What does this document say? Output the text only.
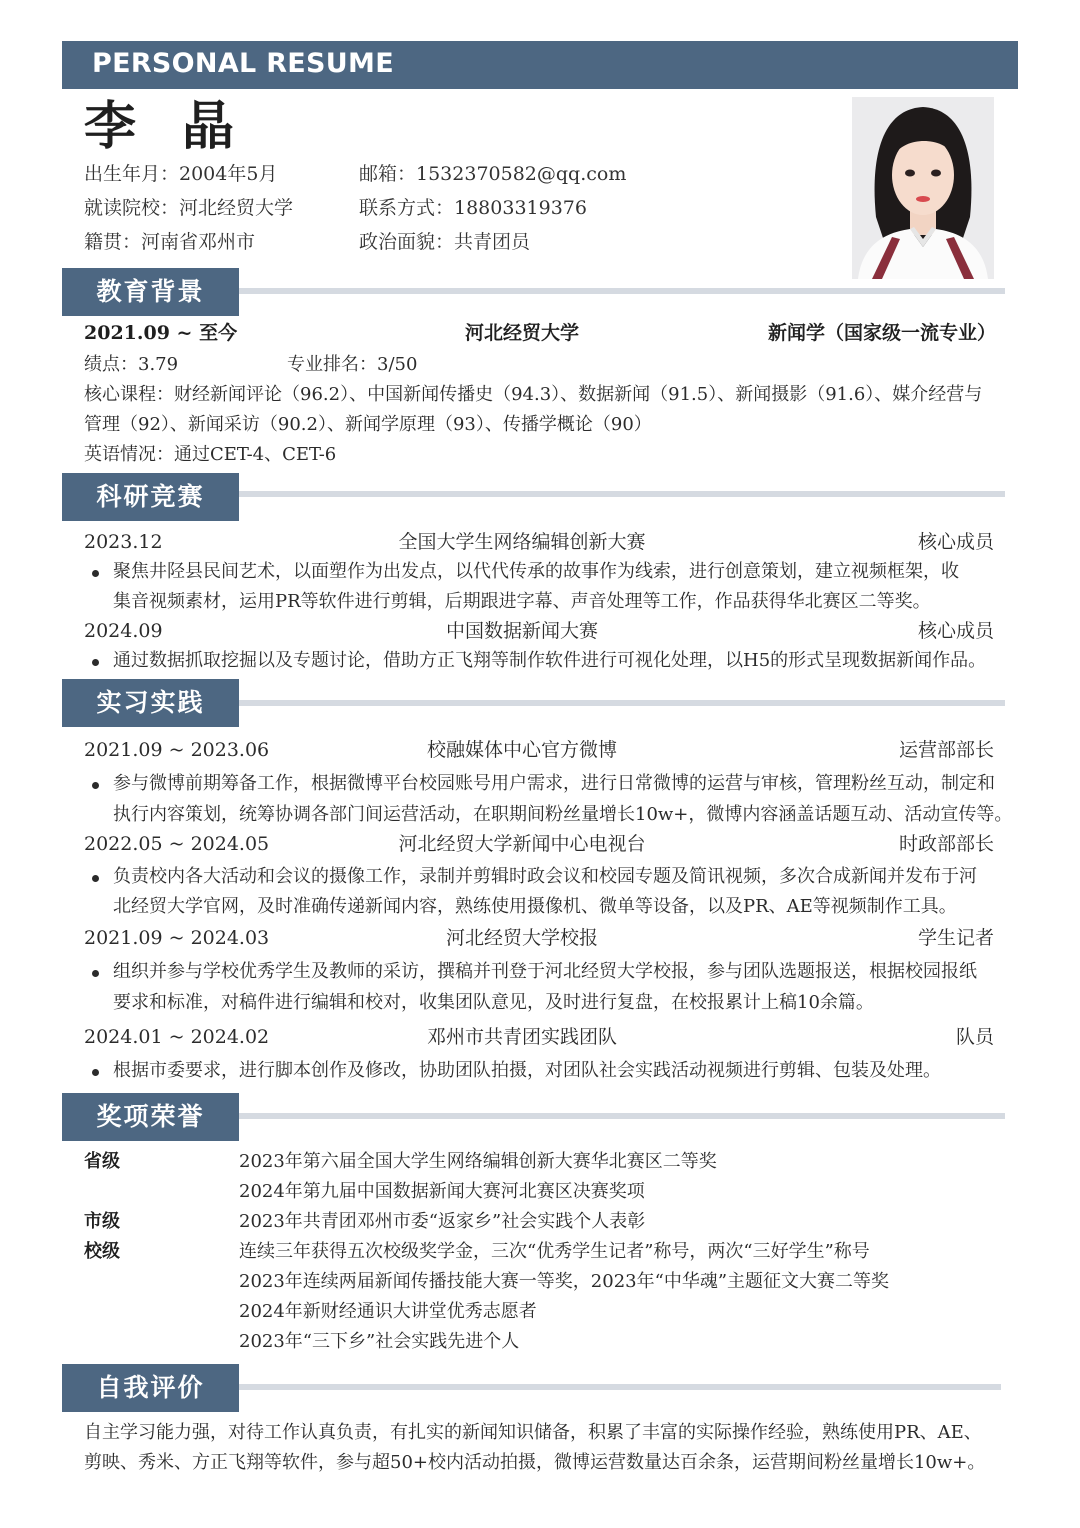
PERSONAL RESUME
李 晶
出生年月：2004年5月
就读院校：河北经贸大学
籍贯：河南省邓州市
邮箱：1532370582@qq.com
联系方式：18803319376
政治面貌：共青团员
教育背景
2021.09 ~ 至今	河北经贸大学	新闻学（国家级一流专业）
绩点：3.79	专业排名：3/50
核心课程：财经新闻评论（96.2）、中国新闻传播史（94.3）、数据新闻（91.5）、新闻摄影（91.6）、媒介经营与
管理（92）、新闻采访（90.2）、新闻学原理（93）、传播学概论（90）
英语情况：通过CET-4、CET-6
科研竞赛
2023.12	全国大学生网络编辑创新大赛	核心成员
聚焦井陉县民间艺术，以面塑作为出发点，以代代传承的故事作为线索，进行创意策划，建立视频框架，收
集音视频素材，运用PR等软件进行剪辑，后期跟进字幕、声音处理等工作，作品获得华北赛区二等奖。
2024.09	中国数据新闻大赛	核心成员
通过数据抓取挖掘以及专题讨论，借助方正飞翔等制作软件进行可视化处理，以H5的形式呈现数据新闻作品。
实习实践
2021.09 ~ 2023.06	校融媒体中心官方微博	运营部部长
参与微博前期筹备工作，根据微博平台校园账号用户需求，进行日常微博的运营与审核，管理粉丝互动，制定和
执行内容策划，统筹协调各部门间运营活动，在职期间粉丝量增长10w+，微博内容涵盖话题互动、活动宣传等。
2022.05 ~ 2024.05	河北经贸大学新闻中心电视台	时政部部长
负责校内各大活动和会议的摄像工作，录制并剪辑时政会议和校园专题及简讯视频，多次合成新闻并发布于河
北经贸大学官网，及时准确传递新闻内容，熟练使用摄像机、微单等设备，以及PR、AE等视频制作工具。
2021.09 ~ 2024.03	河北经贸大学校报	学生记者
组织并参与学校优秀学生及教师的采访，撰稿并刊登于河北经贸大学校报，参与团队选题报送，根据校园报纸
要求和标准，对稿件进行编辑和校对，收集团队意见，及时进行复盘，在校报累计上稿10余篇。
2024.01 ~ 2024.02	邓州市共青团实践团队	队员
根据市委要求，进行脚本创作及修改，协助团队拍摄，对团队社会实践活动视频进行剪辑、包装及处理。
奖项荣誉
省级	2023年第六届全国大学生网络编辑创新大赛华北赛区二等奖
2024年第九届中国数据新闻大赛河北赛区决赛奖项
市级	2023年共青团邓州市委“返家乡”社会实践个人表彰
校级	连续三年获得五次校级奖学金，三次“优秀学生记者”称号，两次“三好学生”称号
2023年连续两届新闻传播技能大赛一等奖，2023年“中华魂”主题征文大赛二等奖
2024年新财经通识大讲堂优秀志愿者
2023年“三下乡”社会实践先进个人
自我评价
自主学习能力强，对待工作认真负责，有扎实的新闻知识储备，积累了丰富的实际操作经验，熟练使用PR、AE、
剪映、秀米、方正飞翔等软件，参与超50+校内活动拍摄，微博运营数量达百余条，运营期间粉丝量增长10w+。
